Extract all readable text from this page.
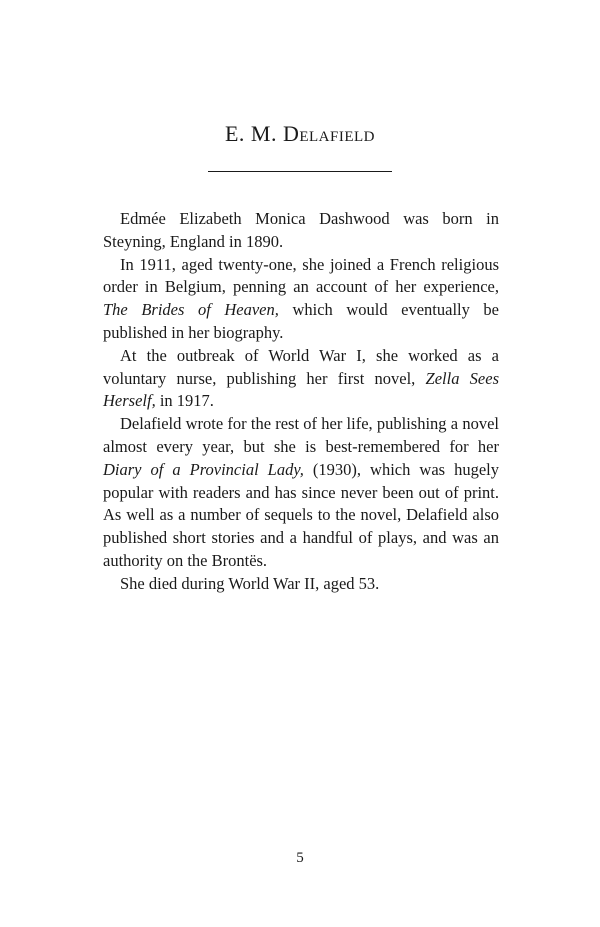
E. M. Delafield

Edmée Elizabeth Monica Dashwood was born in Steyning, England in 1890.

In 1911, aged twenty-one, she joined a French religious order in Belgium, penning an account of her experience, The Brides of Heaven, which would eventually be published in her biography.

At the outbreak of World War I, she worked as a voluntary nurse, publishing her first novel, Zella Sees Herself, in 1917.

Delafield wrote for the rest of her life, publishing a novel almost every year, but she is best-remembered for her Diary of a Provincial Lady, (1930), which was hugely popular with readers and has since never been out of print. As well as a number of sequels to the novel, Delafield also published short stories and a handful of plays, and was an authority on the Brontës.

She died during World War II, aged 53.

5
